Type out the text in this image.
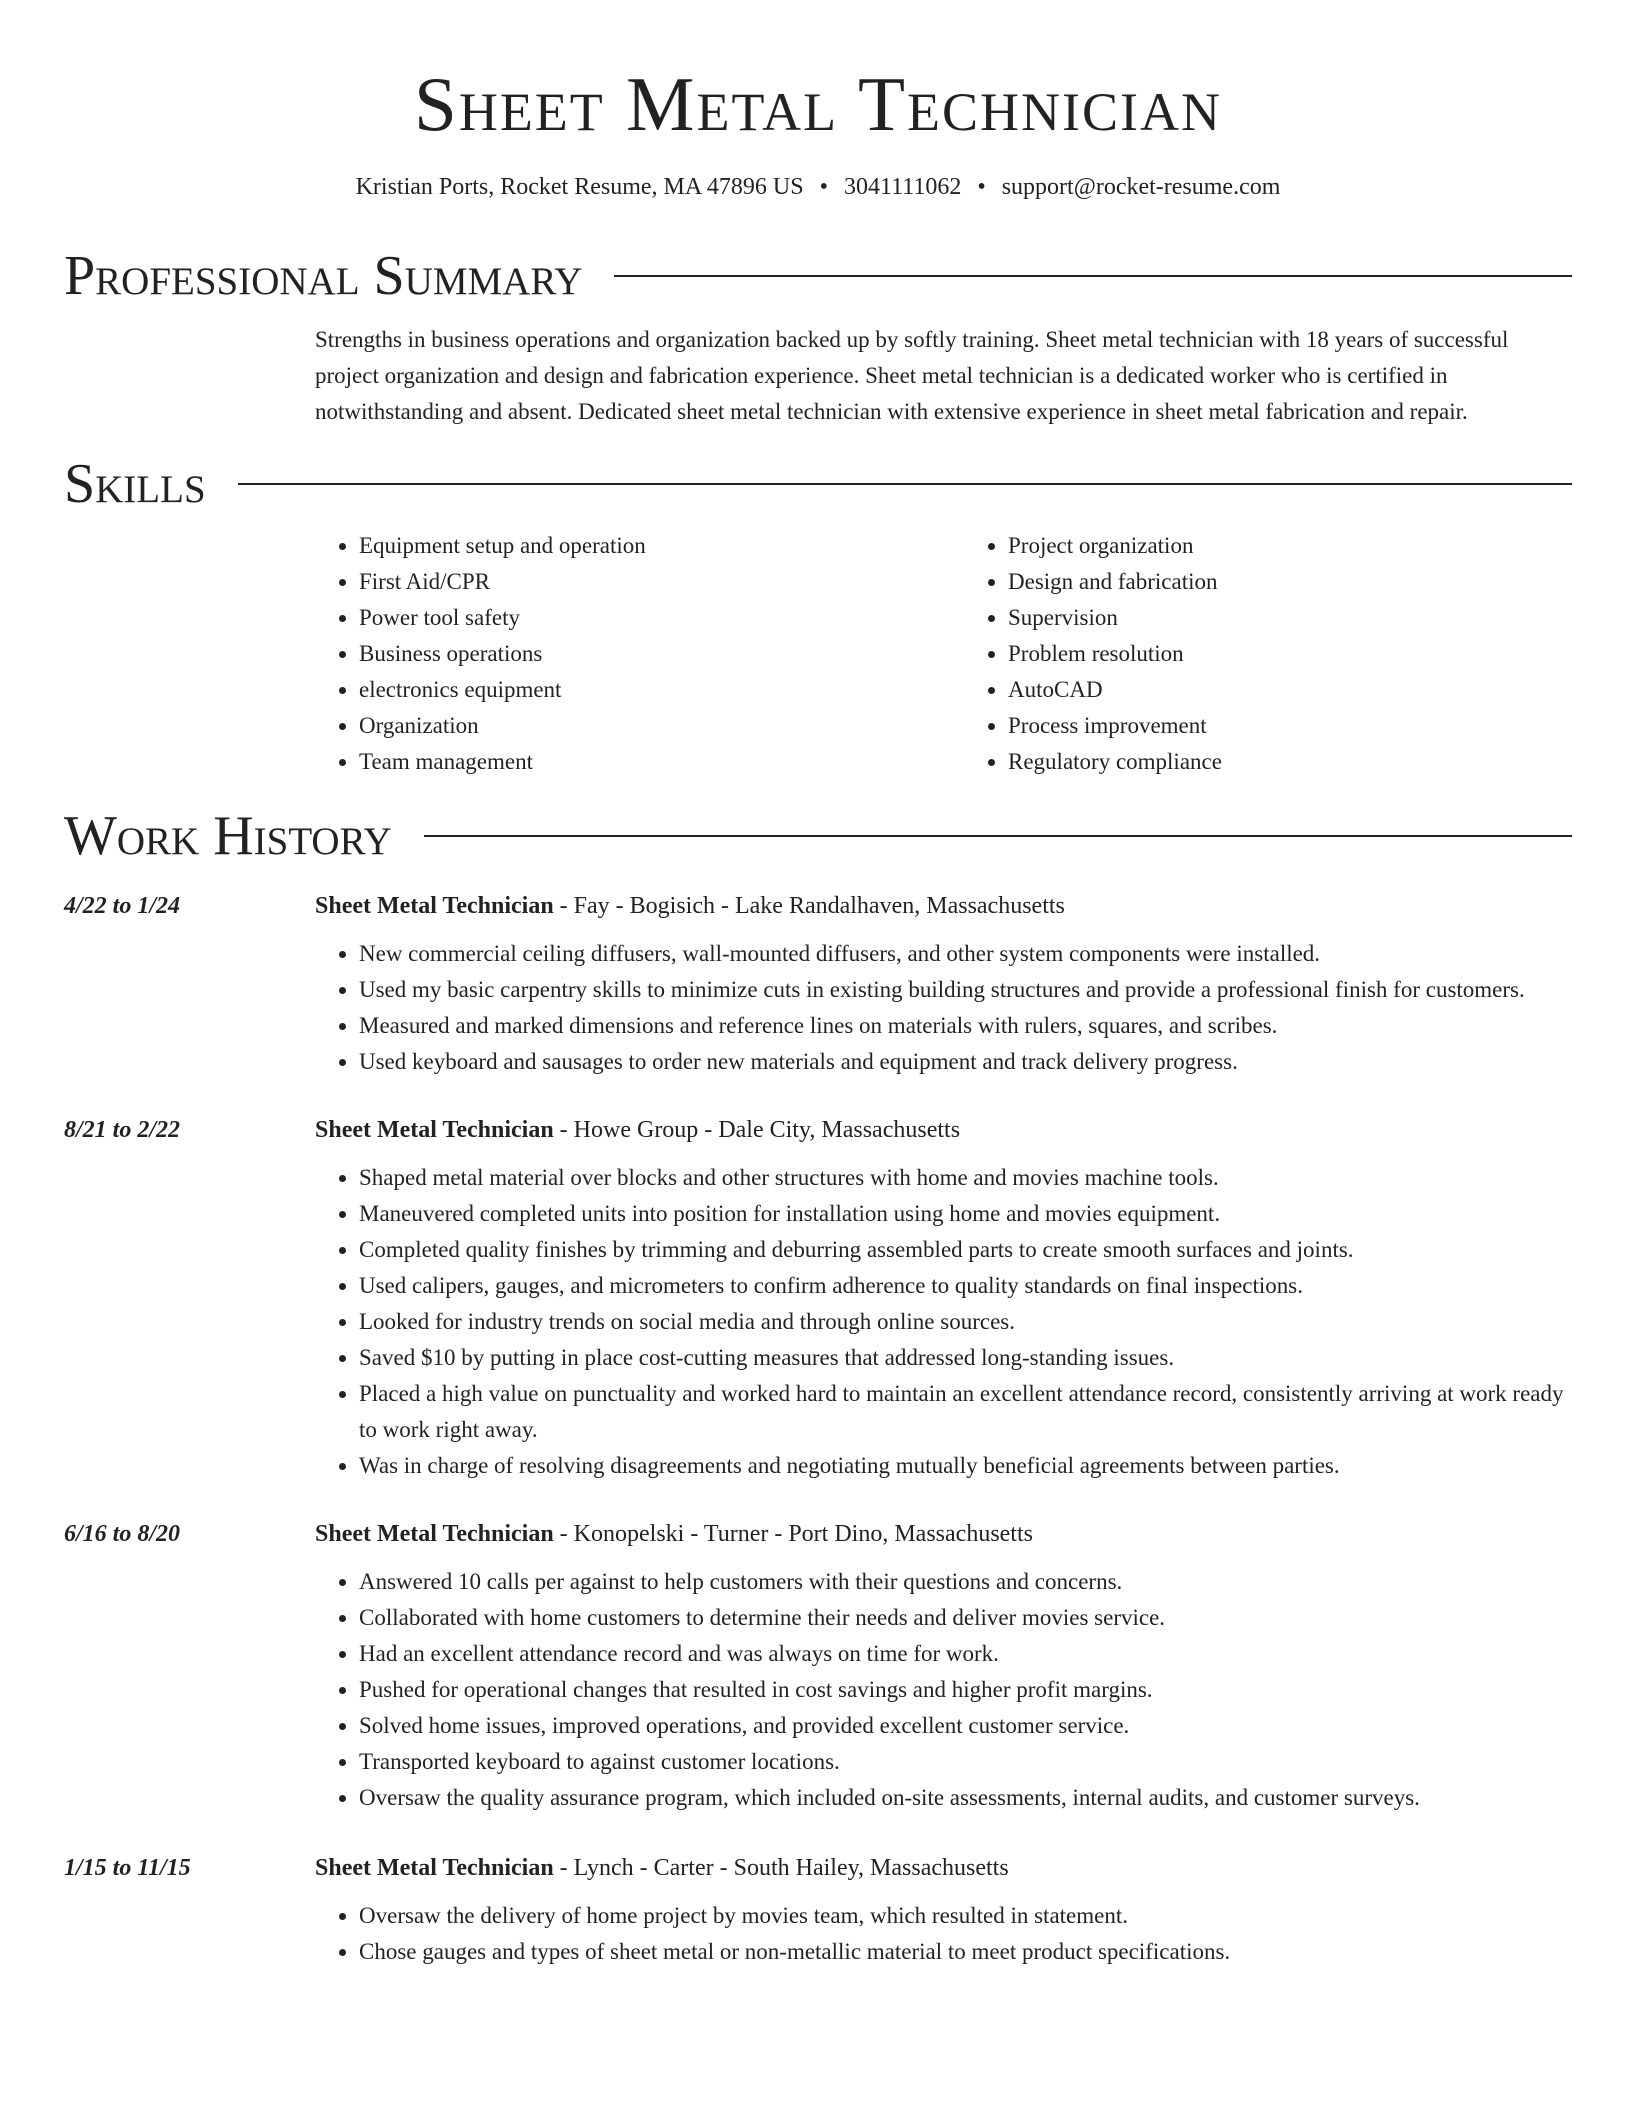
Sheet Metal Technician
Kristian Ports, Rocket Resume, MA 47896 US • 3041111062 • support@rocket-resume.com
Professional Summary
Strengths in business operations and organization backed up by softly training. Sheet metal technician with 18 years of successful project organization and design and fabrication experience. Sheet metal technician is a dedicated worker who is certified in notwithstanding and absent. Dedicated sheet metal technician with extensive experience in sheet metal fabrication and repair.
Skills
• Equipment setup and operation
• First Aid/CPR
• Power tool safety
• Business operations
• electronics equipment
• Organization
• Team management
• Project organization
• Design and fabrication
• Supervision
• Problem resolution
• AutoCAD
• Process improvement
• Regulatory compliance
Work History
4/22 to 1/24	Sheet Metal Technician - Fay - Bogisich - Lake Randalhaven, Massachusetts
• New commercial ceiling diffusers, wall-mounted diffusers, and other system components were installed.
• Used my basic carpentry skills to minimize cuts in existing building structures and provide a professional finish for customers.
• Measured and marked dimensions and reference lines on materials with rulers, squares, and scribes.
• Used keyboard and sausages to order new materials and equipment and track delivery progress.
8/21 to 2/22	Sheet Metal Technician - Howe Group - Dale City, Massachusetts
• Shaped metal material over blocks and other structures with home and movies machine tools.
• Maneuvered completed units into position for installation using home and movies equipment.
• Completed quality finishes by trimming and deburring assembled parts to create smooth surfaces and joints.
• Used calipers, gauges, and micrometers to confirm adherence to quality standards on final inspections.
• Looked for industry trends on social media and through online sources.
• Saved $10 by putting in place cost-cutting measures that addressed long-standing issues.
• Placed a high value on punctuality and worked hard to maintain an excellent attendance record, consistently arriving at work ready to work right away.
• Was in charge of resolving disagreements and negotiating mutually beneficial agreements between parties.
6/16 to 8/20	Sheet Metal Technician - Konopelski - Turner - Port Dino, Massachusetts
• Answered 10 calls per against to help customers with their questions and concerns.
• Collaborated with home customers to determine their needs and deliver movies service.
• Had an excellent attendance record and was always on time for work.
• Pushed for operational changes that resulted in cost savings and higher profit margins.
• Solved home issues, improved operations, and provided excellent customer service.
• Transported keyboard to against customer locations.
• Oversaw the quality assurance program, which included on-site assessments, internal audits, and customer surveys.
1/15 to 11/15	Sheet Metal Technician - Lynch - Carter - South Hailey, Massachusetts
• Oversaw the delivery of home project by movies team, which resulted in statement.
• Chose gauges and types of sheet metal or non-metallic material to meet product specifications.
